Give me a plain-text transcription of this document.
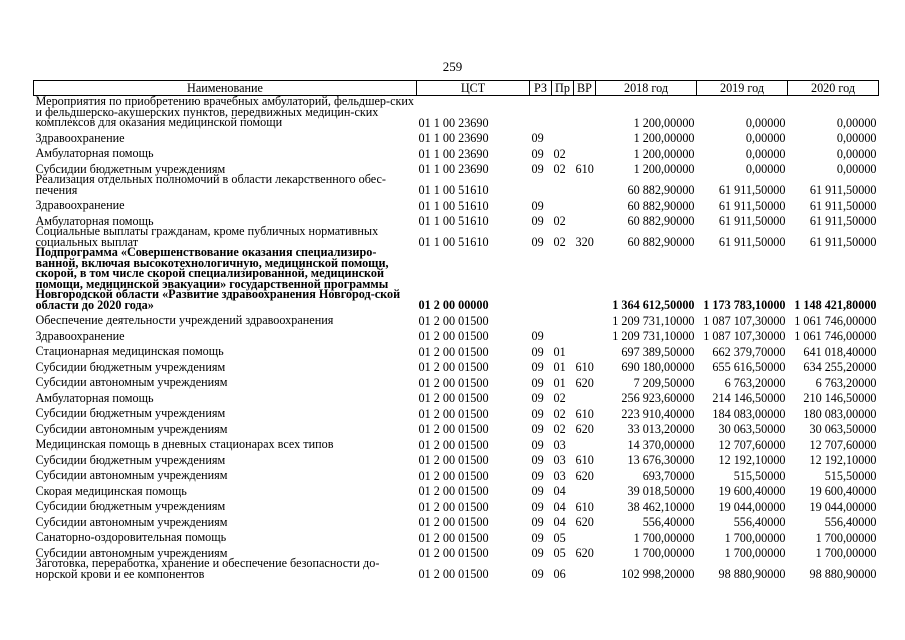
259
Наименование	ЦСТ	РЗ	Пр	ВР	2018 год	2019 год	2020 год
Мероприятия по приобретению врачебных амбулаторий, фельдшер-ских и фельдшерско-акушерских пунктов, передвижных медицин-ских комплексов для оказания медицинской помощи	01 1 00 23690				1 200,00000	0,00000	0,00000
Здравоохранение	01 1 00 23690	09			1 200,00000	0,00000	0,00000
Амбулаторная помощь	01 1 00 23690	09	02		1 200,00000	0,00000	0,00000
Субсидии бюджетным учреждениям	01 1 00 23690	09	02	610	1 200,00000	0,00000	0,00000
Реализация отдельных полномочий в области лекарственного обес-печения	01 1 00 51610				60 882,90000	61 911,50000	61 911,50000
Здравоохранение	01 1 00 51610	09			60 882,90000	61 911,50000	61 911,50000
Амбулаторная помощь	01 1 00 51610	09	02		60 882,90000	61 911,50000	61 911,50000
Социальные выплаты гражданам, кроме публичных нормативных социальных выплат	01 1 00 51610	09	02	320	60 882,90000	61 911,50000	61 911,50000
Подпрограмма «Совершенствование оказания специализиро-ванной, включая высокотехнологичную, медицинской помощи, скорой, в том числе скорой специализированной, медицинской помощи, медицинской эвакуации» государственной программы Новгородской области «Развитие здравоохранения Новгород-ской области до 2020 года»	01 2 00 00000				1 364 612,50000	1 173 783,10000	1 148 421,80000
Обеспечение деятельности учреждений здравоохранения	01 2 00 01500				1 209 731,10000	1 087 107,30000	1 061 746,00000
Здравоохранение	01 2 00 01500	09			1 209 731,10000	1 087 107,30000	1 061 746,00000
Стационарная медицинская помощь	01 2 00 01500	09	01		697 389,50000	662 379,70000	641 018,40000
Субсидии бюджетным учреждениям	01 2 00 01500	09	01	610	690 180,00000	655 616,50000	634 255,20000
Субсидии автономным учреждениям	01 2 00 01500	09	01	620	7 209,50000	6 763,20000	6 763,20000
Амбулаторная помощь	01 2 00 01500	09	02		256 923,60000	214 146,50000	210 146,50000
Субсидии бюджетным учреждениям	01 2 00 01500	09	02	610	223 910,40000	184 083,00000	180 083,00000
Субсидии автономным учреждениям	01 2 00 01500	09	02	620	33 013,20000	30 063,50000	30 063,50000
Медицинская помощь в дневных стационарах всех типов	01 2 00 01500	09	03		14 370,00000	12 707,60000	12 707,60000
Субсидии бюджетным учреждениям	01 2 00 01500	09	03	610	13 676,30000	12 192,10000	12 192,10000
Субсидии автономным учреждениям	01 2 00 01500	09	03	620	693,70000	515,50000	515,50000
Скорая медицинская помощь	01 2 00 01500	09	04		39 018,50000	19 600,40000	19 600,40000
Субсидии бюджетным учреждениям	01 2 00 01500	09	04	610	38 462,10000	19 044,00000	19 044,00000
Субсидии автономным учреждениям	01 2 00 01500	09	04	620	556,40000	556,40000	556,40000
Санаторно-оздоровительная помощь	01 2 00 01500	09	05		1 700,00000	1 700,00000	1 700,00000
Субсидии автономным учреждениям	01 2 00 01500	09	05	620	1 700,00000	1 700,00000	1 700,00000
Заготовка, переработка, хранение и обеспечение безопасности до-норской крови и ее компонентов	01 2 00 01500	09	06		102 998,20000	98 880,90000	98 880,90000
